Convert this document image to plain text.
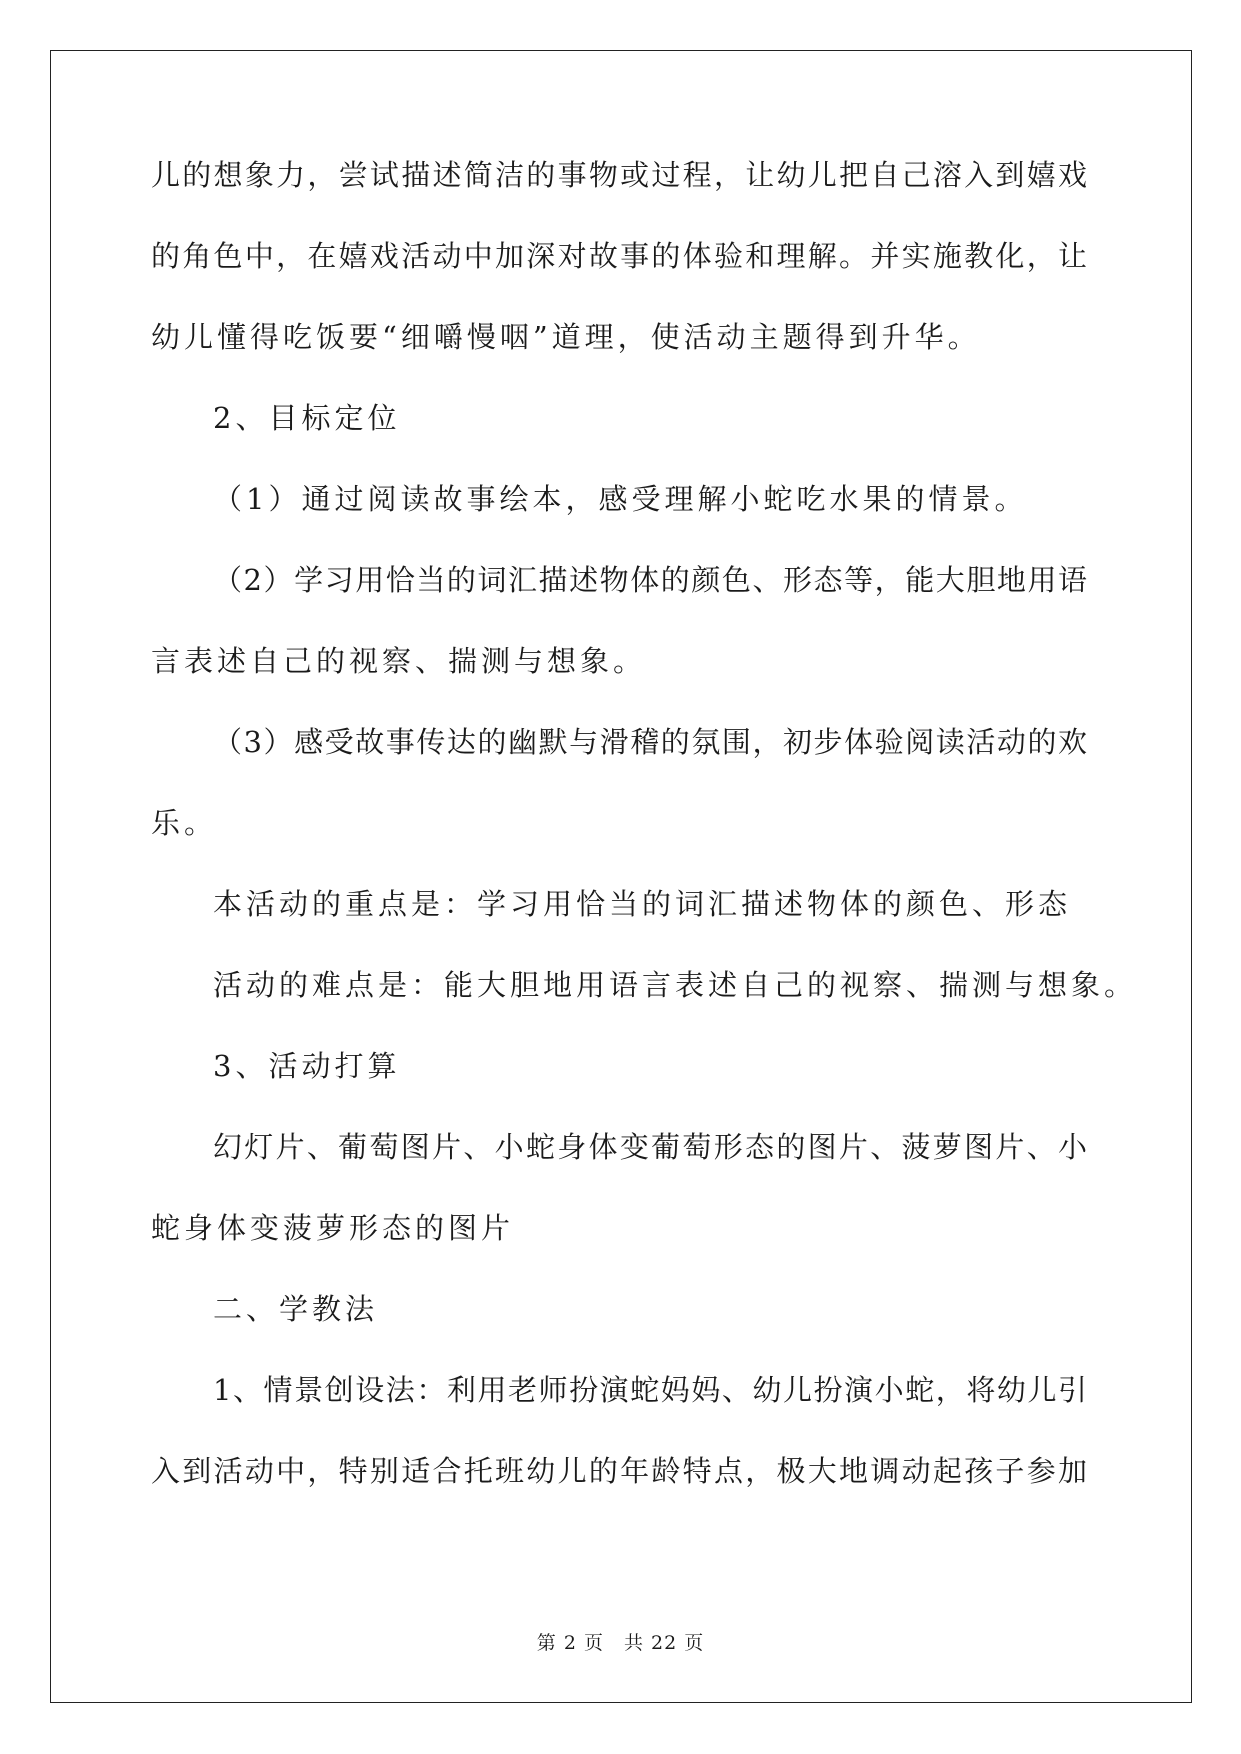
儿的想象力，尝试描述简洁的事物或过程，让幼儿把自己溶入到嬉戏
的角色中，在嬉戏活动中加深对故事的体验和理解。并实施教化，让
幼儿懂得吃饭要“细嚼慢咽”道理，使活动主题得到升华。
2、目标定位
（1）通过阅读故事绘本，感受理解小蛇吃水果的情景。
（2）学习用恰当的词汇描述物体的颜色、形态等，能大胆地用语
言表述自己的视察、揣测与想象。
（3）感受故事传达的幽默与滑稽的氛围，初步体验阅读活动的欢
乐。
本活动的重点是：学习用恰当的词汇描述物体的颜色、形态
活动的难点是：能大胆地用语言表述自己的视察、揣测与想象。
3、活动打算
幻灯片、葡萄图片、小蛇身体变葡萄形态的图片、菠萝图片、小
蛇身体变菠萝形态的图片
二、学教法
1、情景创设法：利用老师扮演蛇妈妈、幼儿扮演小蛇，将幼儿引
入到活动中，特别适合托班幼儿的年龄特点，极大地调动起孩子参加
第 2 页 共 22 页
